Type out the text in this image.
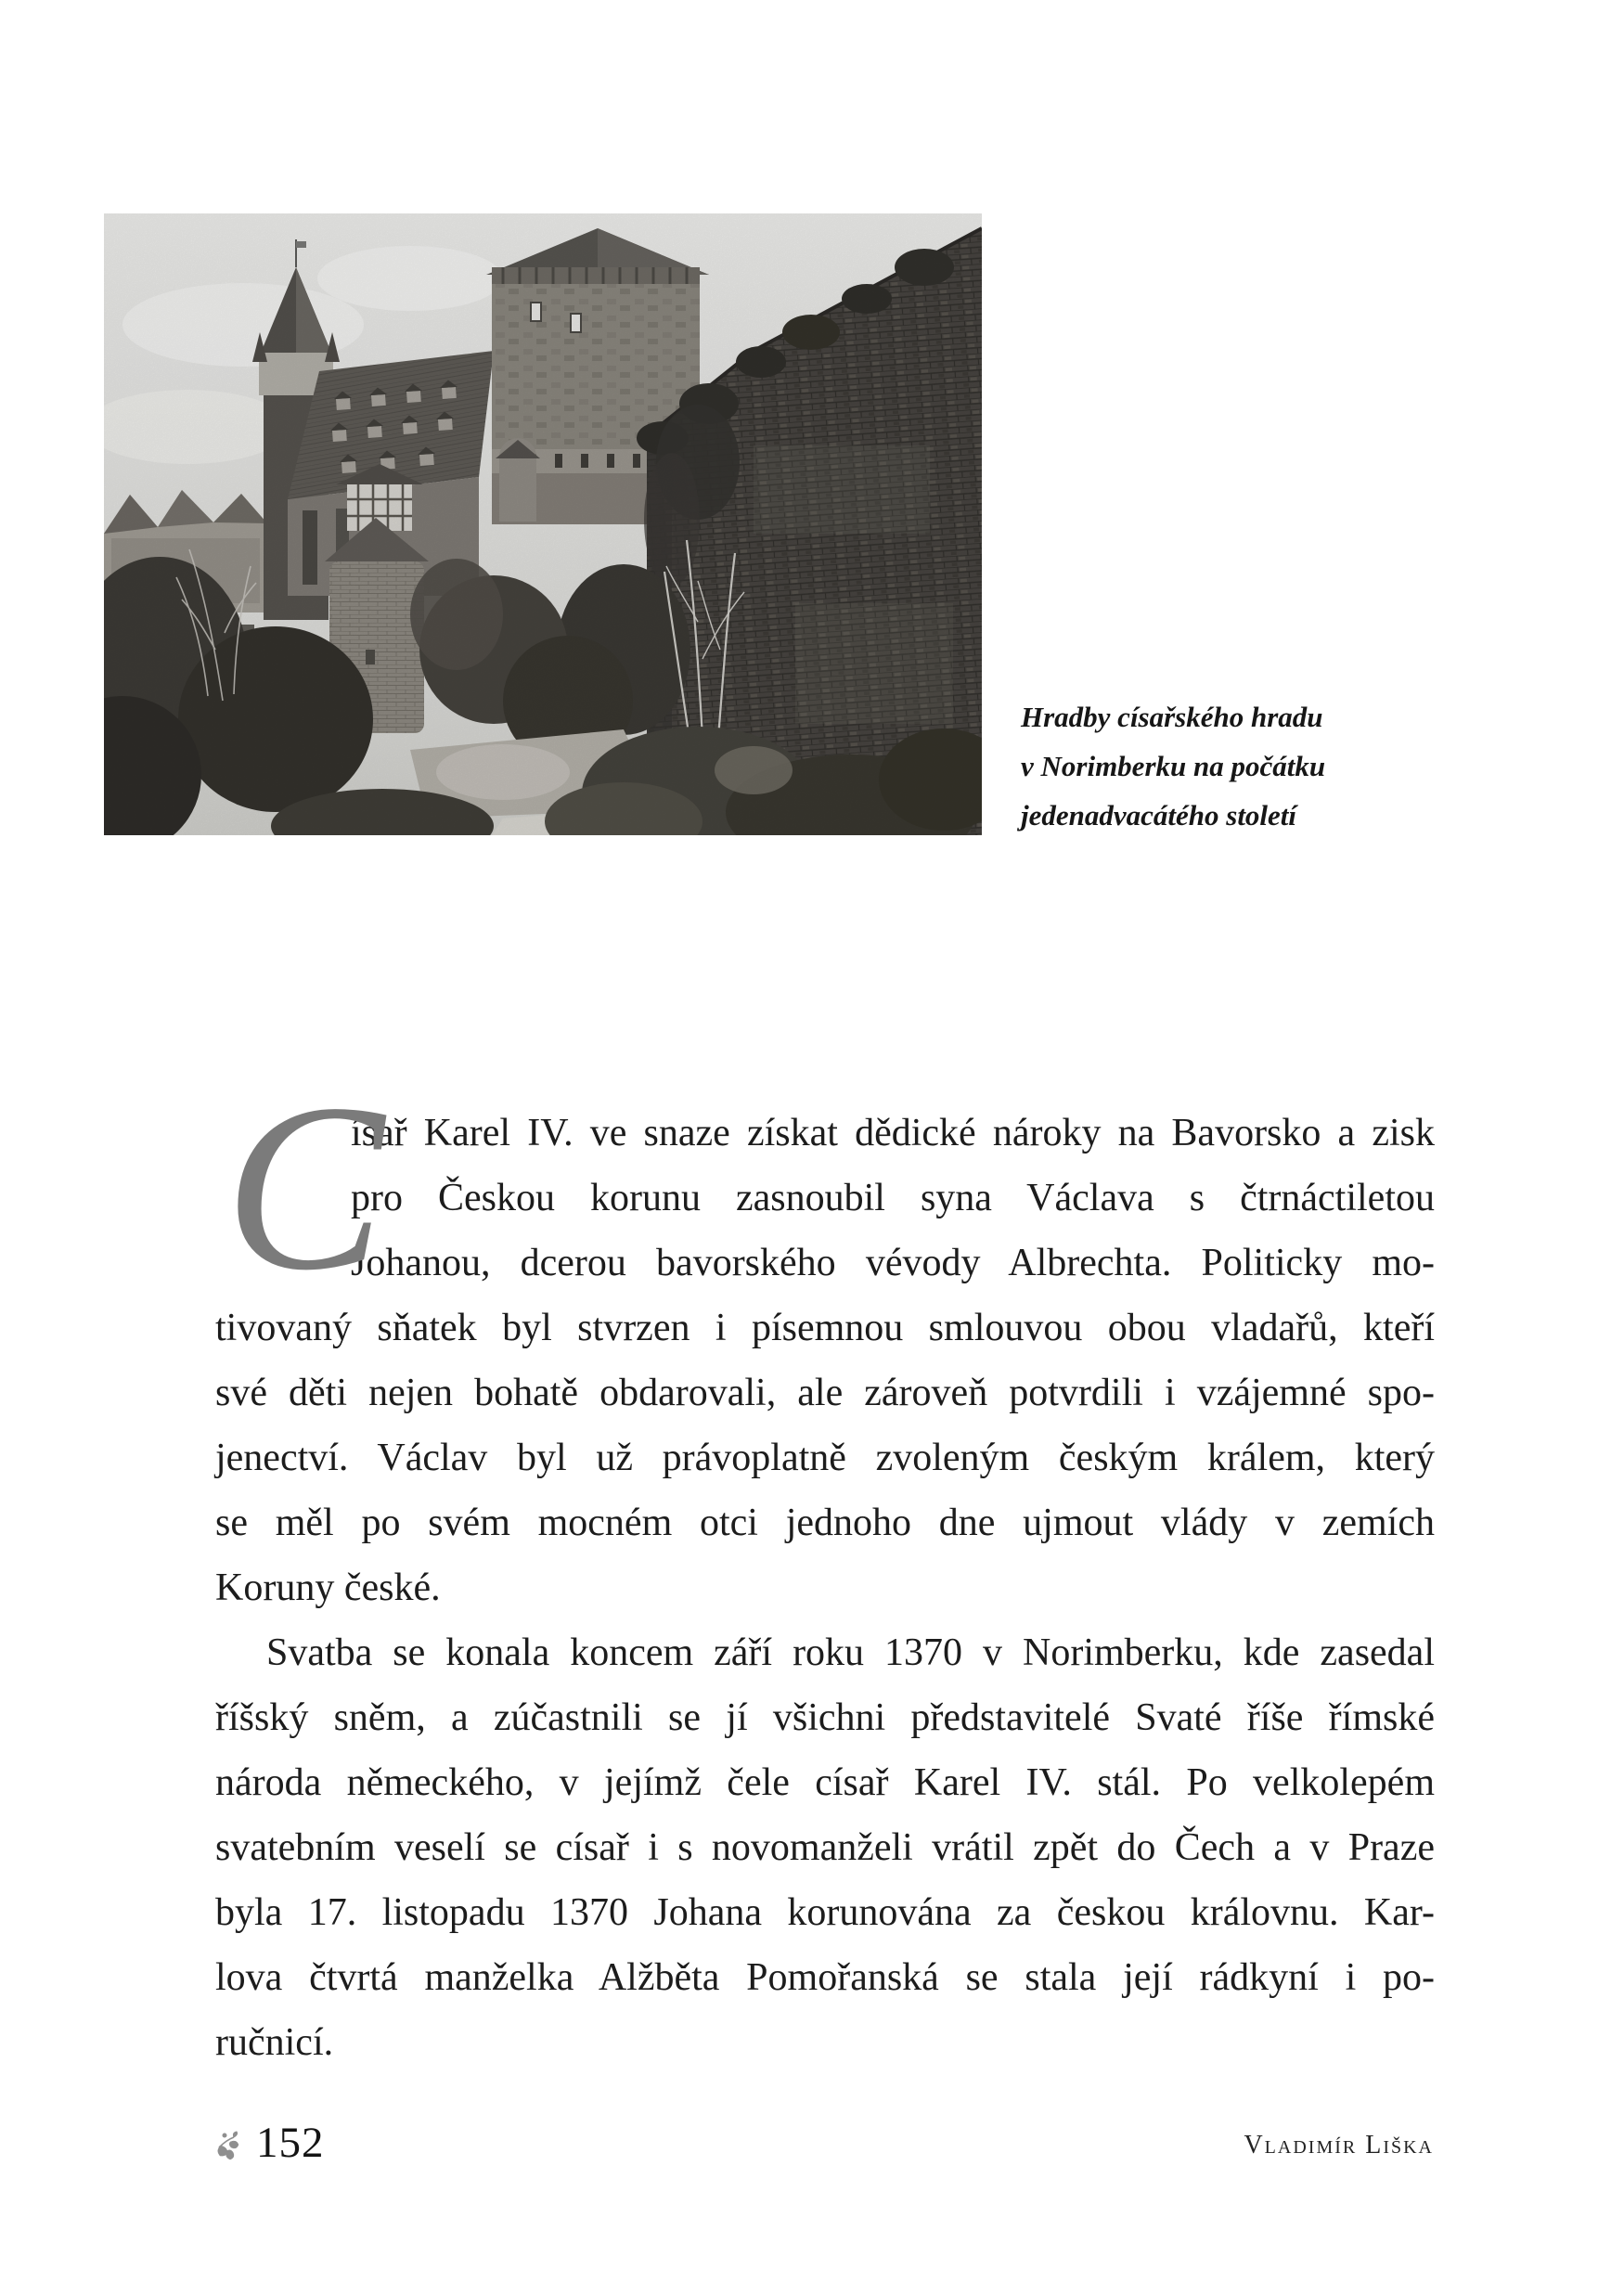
Hradby císařského hradu
v Norimberku na počátku
jedenadvacátého století
C
ísař Karel IV. ve snaze získat dědické nároky na Bavorsko a zisk
pro Českou korunu zasnoubil syna Václava s čtrnáctiletou
Johanou, dcerou bavorského vévody Albrechta. Politicky mo-
tivovaný sňatek byl stvrzen i písemnou smlouvou obou vladařů, kteří
své děti nejen bohatě obdarovali, ale zároveň potvrdili i vzájemné spo-
jenectví. Václav byl už právoplatně zvoleným českým králem, který
se měl po svém mocném otci jednoho dne ujmout vlády v zemích
Koruny české.
Svatba se konala koncem září roku 1370 v Norimberku, kde zasedal
říšský sněm, a zúčastnili se jí všichni představitelé Svaté říše římské
národa německého, v jejímž čele císař Karel IV. stál. Po velkolepém
svatebním veselí se císař i s novomanželi vrátil zpět do Čech a v Praze
byla 17. listopadu 1370 Johana korunována za českou královnu. Kar-
lova čtvrtá manželka Alžběta Pomořanská se stala její rádkyní i po-
ručnicí.
152	Vladimír Liška
